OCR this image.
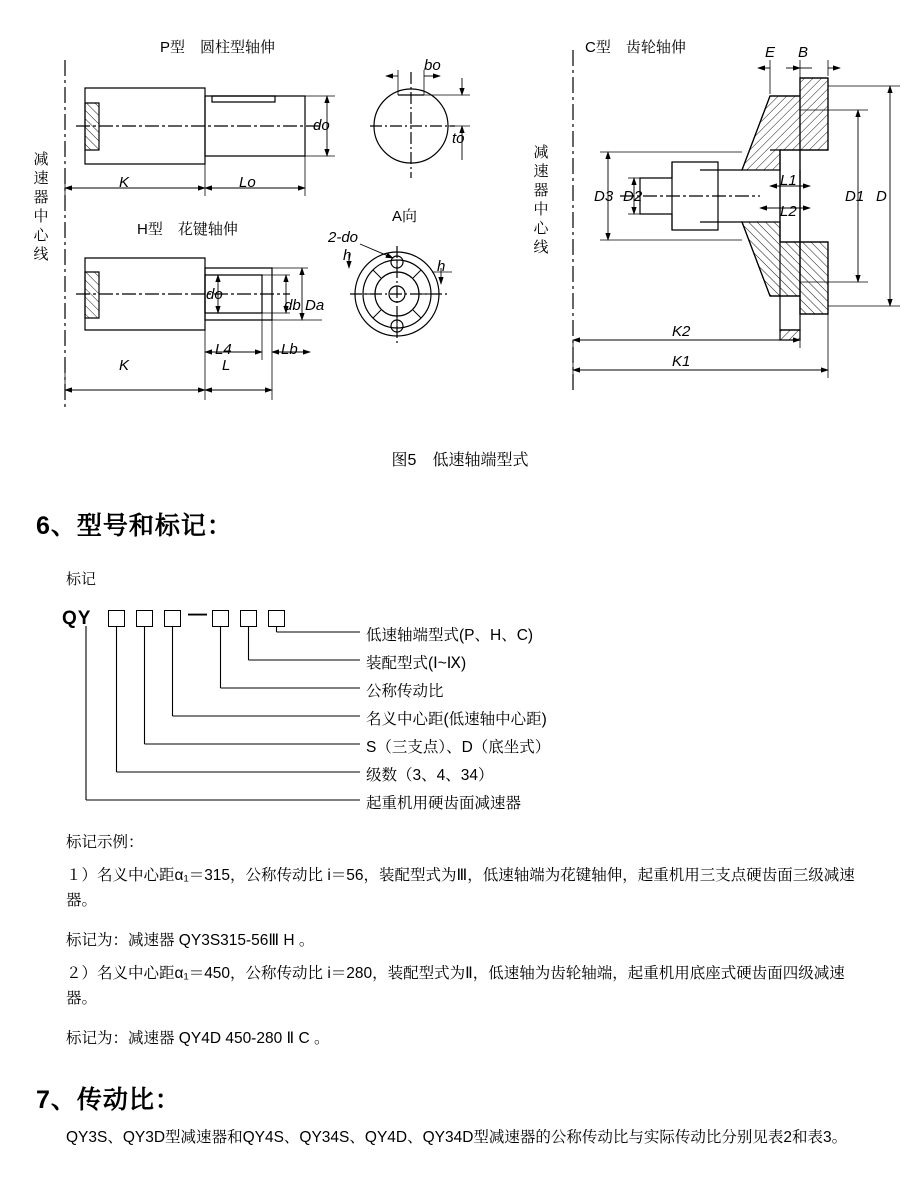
P型　圆柱型轴伸
H型　花键轴伸
C型　齿轮轴伸
A向
减速器中心线
减速器中心线
bo
to
do
do
K	Lo
K	L
L4	Lb
db Da
2-do
h
h
E B
D
D1
D2
D3
L1
L2
K2
K1
图5　低速轴端型式
6、型号和标记：
标记
QY	—
低速轴端型式(P、H、C)
装配型式(Ⅰ~Ⅸ)
公称传动比
名义中心距(低速轴中心距)
S（三支点）、D（底坐式）
级数（3、4、34）
起重机用硬齿面减速器
标记示例：
１）名义中心距α₁＝315，公称传动比 i＝56，装配型式为Ⅲ，低速轴端为花键轴伸，起重机用三支点硬齿面三级减速器。
标记为：减速器 QY3S315-56Ⅲ H 。
２）名义中心距α₁＝450，公称传动比 i＝280，装配型式为Ⅱ，低速轴为齿轮轴端，起重机用底座式硬齿面四级减速器。
标记为：减速器 QY4D 450-280 Ⅱ C 。
7、传动比：
QY3S、QY3D型减速器和QY4S、QY34S、QY4D、QY34D型减速器的公称传动比与实际传动比分别见表2和表3。
